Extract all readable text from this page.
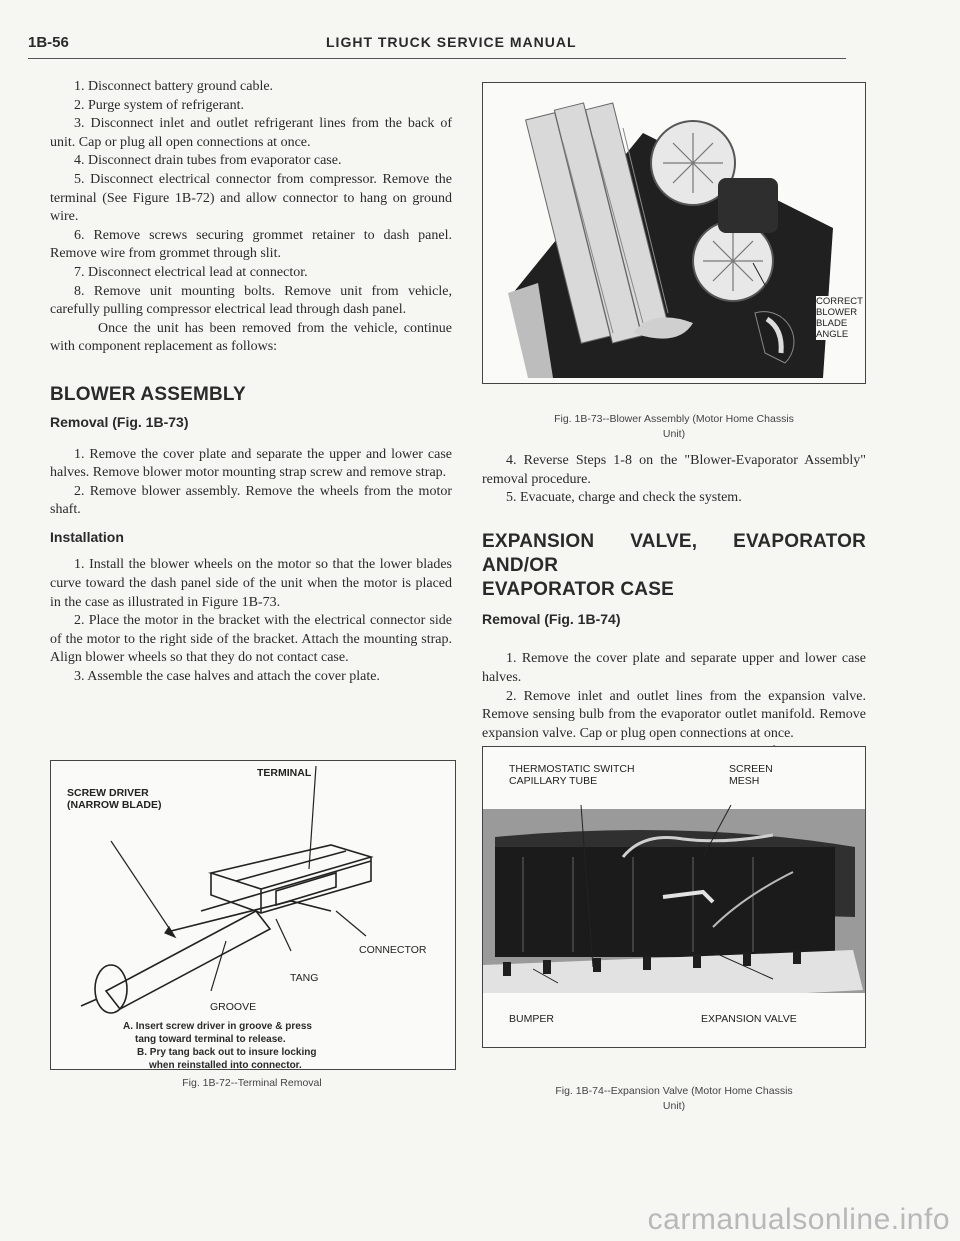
1B-56	LIGHT TRUCK SERVICE MANUAL

1. Disconnect battery ground cable.

2. Purge system of refrigerant.

3. Disconnect inlet and outlet refrigerant lines from the back of unit. Cap or plug all open connections at once.

4. Disconnect drain tubes from evaporator case.

5. Disconnect electrical connector from compressor. Remove the terminal (See Figure 1B-72) and allow connector to hang on ground wire.

6. Remove screws securing grommet retainer to dash panel. Remove wire from grommet through slit.

7. Disconnect electrical lead at connector.

8. Remove unit mounting bolts. Remove unit from vehicle, carefully pulling compressor electrical lead through dash panel.

Once the unit has been removed from the vehicle, continue with component replacement as follows:

BLOWER ASSEMBLY
Removal (Fig. 1B-73)

1. Remove the cover plate and separate the upper and lower case halves. Remove blower motor mounting strap screw and remove strap.

2. Remove blower assembly. Remove the wheels from the motor shaft.

Installation

1. Install the blower wheels on the motor so that the lower blades curve toward the dash panel side of the unit when the motor is placed in the case as illustrated in Figure 1B-73.

2. Place the motor in the bracket with the electrical connector side of the motor to the right side of the bracket. Attach the mounting strap. Align blower wheels so that they do not contact case.

3. Assemble the case halves and attach the cover plate.

CORRECT
BLOWER
BLADE
ANGLE
Fig. 1B-73--Blower Assembly (Motor Home Chassis
Unit)

4. Reverse Steps 1-8 on the "Blower-Evaporator Assembly" removal procedure.

5. Evacuate, charge and check the system.

EXPANSION VALVE, EVAPORATOR AND/OR
EVAPORATOR CASE
Removal (Fig. 1B-74)

1. Remove the cover plate and separate upper and lower case halves.

2. Remove inlet and outlet lines from the expansion valve. Remove sensing bulb from the evaporator outlet manifold. Remove expansion valve. Cap or plug open connections at once.

TERMINAL
SCREW DRIVER
(NARROW BLADE)
CONNECTOR
TANG
GROOVE
A. Insert screw driver in groove & press
tang toward terminal to release.
B. Pry tang back out to insure locking
when reinstalled into connector.
Fig. 1B-72--Terminal Removal
THERMOSTATIC SWITCH
CAPILLARY TUBE
SCREEN
MESH
BUMPER	EXPANSION VALVE
Fig. 1B-74--Expansion Valve (Motor Home Chassis
Unit)
carmanualsonline.info
